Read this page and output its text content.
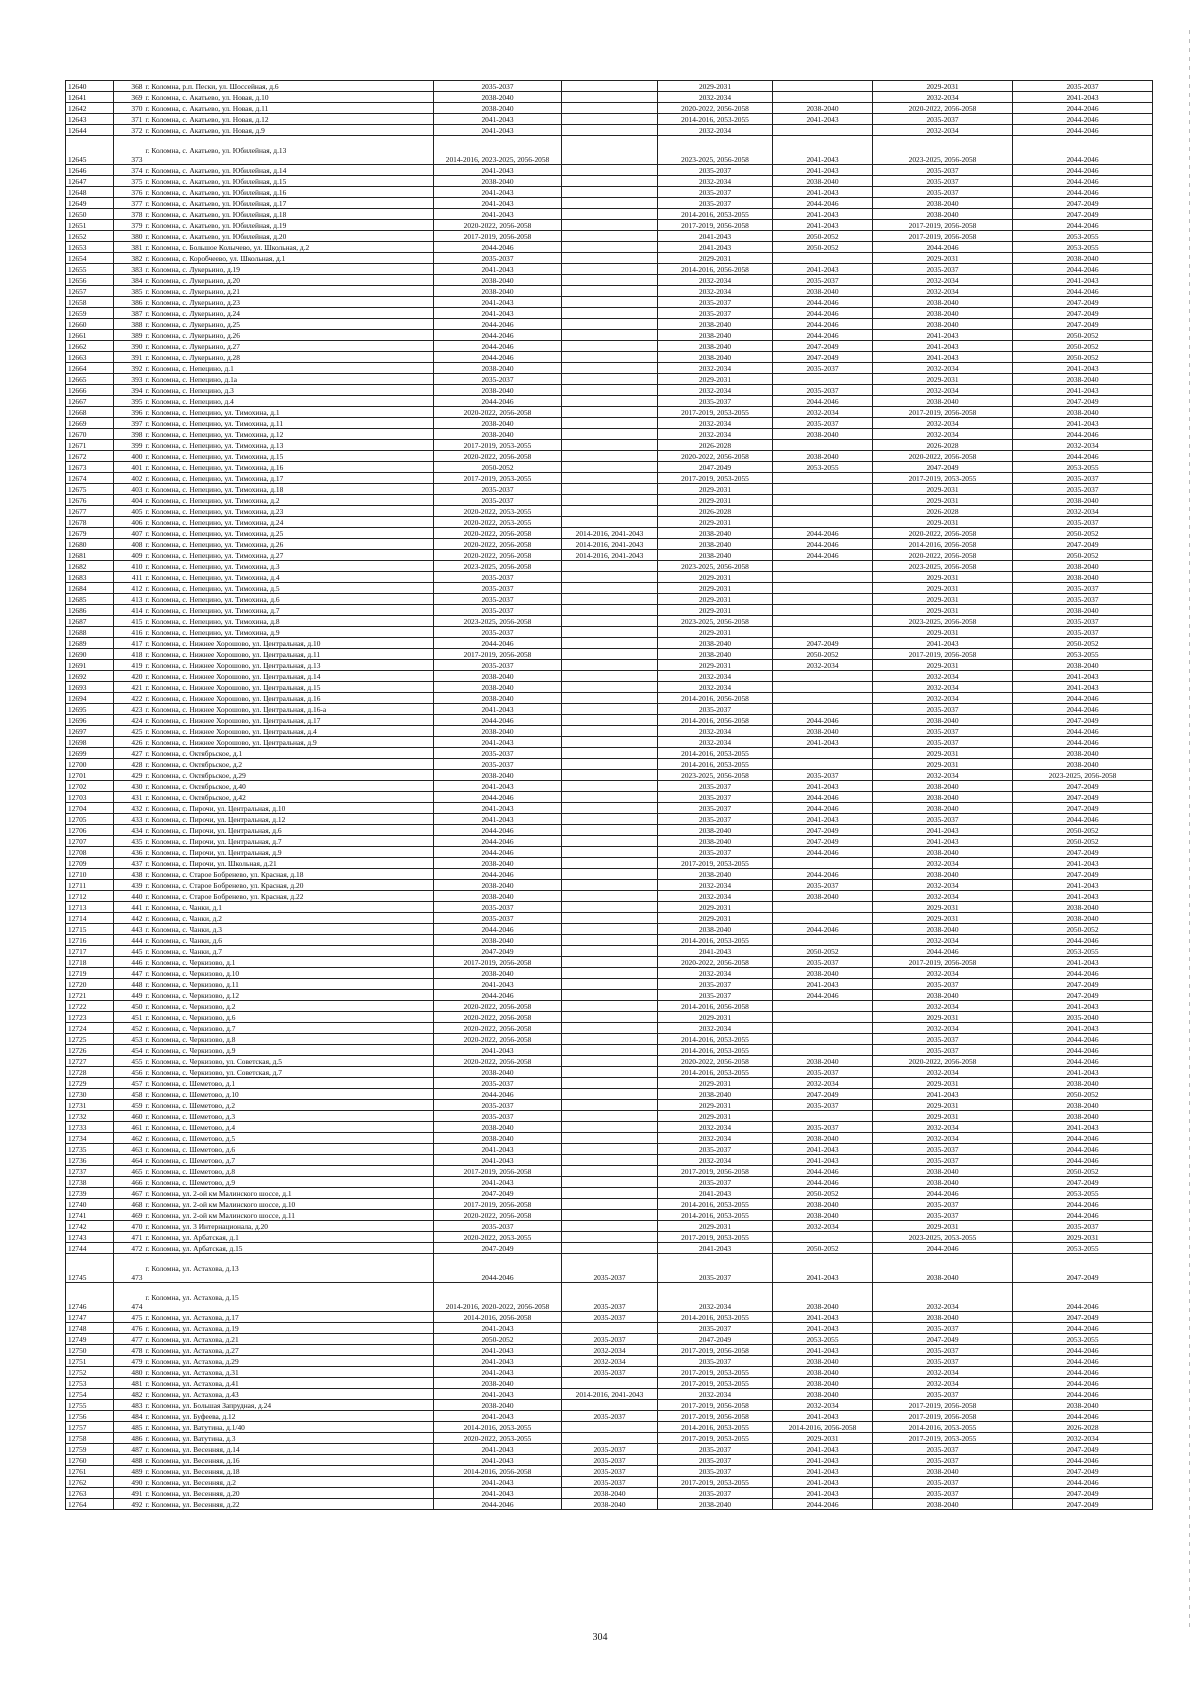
12640	368	г. Коломна, р.п. Пески, ул. Шоссейная, д.6	2035-2037		2029-2031		2029-2031	2035-2037
12641	369	г. Коломна, с. Акатьево, ул. Новая, д.10	2038-2040		2032-2034		2032-2034	2041-2043
12642	370	г. Коломна, с. Акатьево, ул. Новая, д.11	2038-2040		2020-2022, 2056-2058	2038-2040	2020-2022, 2056-2058	2044-2046
12643	371	г. Коломна, с. Акатьево, ул. Новая, д.12	2041-2043		2014-2016, 2053-2055	2041-2043	2035-2037	2044-2046
12644	372	г. Коломна, с. Акатьево, ул. Новая, д.9	2041-2043		2032-2034		2032-2034	2044-2046
12645	373	г. Коломна, с. Акатьево, ул. Юбилейная, д.13	2014-2016, 2023-2025, 2056-2058		2023-2025, 2056-2058	2041-2043	2023-2025, 2056-2058	2044-2046
12646	374	г. Коломна, с. Акатьево, ул. Юбилейная, д.14	2041-2043		2035-2037	2041-2043	2035-2037	2044-2046
12647	375	г. Коломна, с. Акатьево, ул. Юбилейная, д.15	2038-2040		2032-2034	2038-2040	2035-2037	2044-2046
12648	376	г. Коломна, с. Акатьево, ул. Юбилейная, д.16	2041-2043		2035-2037	2041-2043	2035-2037	2044-2046
12649	377	г. Коломна, с. Акатьево, ул. Юбилейная, д.17	2041-2043		2035-2037	2044-2046	2038-2040	2047-2049
12650	378	г. Коломна, с. Акатьево, ул. Юбилейная, д.18	2041-2043		2014-2016, 2053-2055	2041-2043	2038-2040	2047-2049
12651	379	г. Коломна, с. Акатьево, ул. Юбилейная, д.19	2020-2022, 2056-2058		2017-2019, 2056-2058	2041-2043	2017-2019, 2056-2058	2044-2046
12652	380	г. Коломна, с. Акатьево, ул. Юбилейная, д.20	2017-2019, 2056-2058		2041-2043	2050-2052	2017-2019, 2056-2058	2053-2055
12653	381	г. Коломна, с. Большое Колычево, ул. Школьная, д.2	2044-2046		2041-2043	2050-2052	2044-2046	2053-2055
12654	382	г. Коломна, с. Коробчеево, ул. Школьная, д.1	2035-2037		2029-2031		2029-2031	2038-2040
12655	383	г. Коломна, с. Лукерьино, д.19	2041-2043		2014-2016, 2056-2058	2041-2043	2035-2037	2044-2046
12656	384	г. Коломна, с. Лукерьино, д.20	2038-2040		2032-2034	2035-2037	2032-2034	2041-2043
12657	385	г. Коломна, с. Лукерьино, д.21	2038-2040		2032-2034	2038-2040	2032-2034	2044-2046
12658	386	г. Коломна, с. Лукерьино, д.23	2041-2043		2035-2037	2044-2046	2038-2040	2047-2049
12659	387	г. Коломна, с. Лукерьино, д.24	2041-2043		2035-2037	2044-2046	2038-2040	2047-2049
12660	388	г. Коломна, с. Лукерьино, д.25	2044-2046		2038-2040	2044-2046	2038-2040	2047-2049
12661	389	г. Коломна, с. Лукерьино, д.26	2044-2046		2038-2040	2044-2046	2041-2043	2050-2052
12662	390	г. Коломна, с. Лукерьино, д.27	2044-2046		2038-2040	2047-2049	2041-2043	2050-2052
12663	391	г. Коломна, с. Лукерьино, д.28	2044-2046		2038-2040	2047-2049	2041-2043	2050-2052
12664	392	г. Коломна, с. Непецино, д.1	2038-2040		2032-2034	2035-2037	2032-2034	2041-2043
12665	393	г. Коломна, с. Непецино, д.1а	2035-2037		2029-2031		2029-2031	2038-2040
12666	394	г. Коломна, с. Непецино, д.3	2038-2040		2032-2034	2035-2037	2032-2034	2041-2043
12667	395	г. Коломна, с. Непецино, д.4	2044-2046		2035-2037	2044-2046	2038-2040	2047-2049
12668	396	г. Коломна, с. Непецино, ул. Тимохина, д.1	2020-2022, 2056-2058		2017-2019, 2053-2055	2032-2034	2017-2019, 2056-2058	2038-2040
12669	397	г. Коломна, с. Непецино, ул. Тимохина, д.11	2038-2040		2032-2034	2035-2037	2032-2034	2041-2043
12670	398	г. Коломна, с. Непецино, ул. Тимохина, д.12	2038-2040		2032-2034	2038-2040	2032-2034	2044-2046
12671	399	г. Коломна, с. Непецино, ул. Тимохина, д.13	2017-2019, 2053-2055		2026-2028		2026-2028	2032-2034
12672	400	г. Коломна, с. Непецино, ул. Тимохина, д.15	2020-2022, 2056-2058		2020-2022, 2056-2058	2038-2040	2020-2022, 2056-2058	2044-2046
12673	401	г. Коломна, с. Непецино, ул. Тимохина, д.16	2050-2052		2047-2049	2053-2055	2047-2049	2053-2055
12674	402	г. Коломна, с. Непецино, ул. Тимохина, д.17	2017-2019, 2053-2055		2017-2019, 2053-2055		2017-2019, 2053-2055	2035-2037
12675	403	г. Коломна, с. Непецино, ул. Тимохина, д.18	2035-2037		2029-2031		2029-2031	2035-2037
12676	404	г. Коломна, с. Непецино, ул. Тимохина, д.2	2035-2037		2029-2031		2029-2031	2038-2040
12677	405	г. Коломна, с. Непецино, ул. Тимохина, д.23	2020-2022, 2053-2055		2026-2028		2026-2028	2032-2034
12678	406	г. Коломна, с. Непецино, ул. Тимохина, д.24	2020-2022, 2053-2055		2029-2031		2029-2031	2035-2037
12679	407	г. Коломна, с. Непецино, ул. Тимохина, д.25	2020-2022, 2056-2058	2014-2016, 2041-2043	2038-2040	2044-2046	2020-2022, 2056-2058	2050-2052
12680	408	г. Коломна, с. Непецино, ул. Тимохина, д.26	2020-2022, 2056-2058	2014-2016, 2041-2043	2038-2040	2044-2046	2014-2016, 2056-2058	2047-2049
12681	409	г. Коломна, с. Непецино, ул. Тимохина, д.27	2020-2022, 2056-2058	2014-2016, 2041-2043	2038-2040	2044-2046	2020-2022, 2056-2058	2050-2052
12682	410	г. Коломна, с. Непецино, ул. Тимохина, д.3	2023-2025, 2056-2058		2023-2025, 2056-2058		2023-2025, 2056-2058	2038-2040
12683	411	г. Коломна, с. Непецино, ул. Тимохина, д.4	2035-2037		2029-2031		2029-2031	2038-2040
12684	412	г. Коломна, с. Непецино, ул. Тимохина, д.5	2035-2037		2029-2031		2029-2031	2035-2037
12685	413	г. Коломна, с. Непецино, ул. Тимохина, д.6	2035-2037		2029-2031		2029-2031	2035-2037
12686	414	г. Коломна, с. Непецино, ул. Тимохина, д.7	2035-2037		2029-2031		2029-2031	2038-2040
12687	415	г. Коломна, с. Непецино, ул. Тимохина, д.8	2023-2025, 2056-2058		2023-2025, 2056-2058		2023-2025, 2056-2058	2035-2037
12688	416	г. Коломна, с. Непецино, ул. Тимохина, д.9	2035-2037		2029-2031		2029-2031	2035-2037
12689	417	г. Коломна, с. Нижнее Хорошово, ул. Центральная, д.10	2044-2046		2038-2040	2047-2049	2041-2043	2050-2052
12690	418	г. Коломна, с. Нижнее Хорошово, ул. Центральная, д.11	2017-2019, 2056-2058		2038-2040	2050-2052	2017-2019, 2056-2058	2053-2055
12691	419	г. Коломна, с. Нижнее Хорошово, ул. Центральная, д.13	2035-2037		2029-2031	2032-2034	2029-2031	2038-2040
12692	420	г. Коломна, с. Нижнее Хорошово, ул. Центральная, д.14	2038-2040		2032-2034		2032-2034	2041-2043
12693	421	г. Коломна, с. Нижнее Хорошово, ул. Центральная, д.15	2038-2040		2032-2034		2032-2034	2041-2043
12694	422	г. Коломна, с. Нижнее Хорошово, ул. Центральная, д.16	2038-2040		2014-2016, 2056-2058		2032-2034	2044-2046
12695	423	г. Коломна, с. Нижнее Хорошово, ул. Центральная, д.16-а	2041-2043		2035-2037		2035-2037	2044-2046
12696	424	г. Коломна, с. Нижнее Хорошово, ул. Центральная, д.17	2044-2046		2014-2016, 2056-2058	2044-2046	2038-2040	2047-2049
12697	425	г. Коломна, с. Нижнее Хорошово, ул. Центральная, д.4	2038-2040		2032-2034	2038-2040	2035-2037	2044-2046
12698	426	г. Коломна, с. Нижнее Хорошово, ул. Центральная, д.9	2041-2043		2032-2034	2041-2043	2035-2037	2044-2046
12699	427	г. Коломна, с. Октябрьское, д.1	2035-2037		2014-2016, 2053-2055		2029-2031	2038-2040
12700	428	г. Коломна, с. Октябрьское, д.2	2035-2037		2014-2016, 2053-2055		2029-2031	2038-2040
12701	429	г. Коломна, с. Октябрьское, д.29	2038-2040		2023-2025, 2056-2058	2035-2037	2032-2034	2023-2025, 2056-2058
12702	430	г. Коломна, с. Октябрьское, д.40	2041-2043		2035-2037	2041-2043	2038-2040	2047-2049
12703	431	г. Коломна, с. Октябрьское, д.42	2044-2046		2035-2037	2044-2046	2038-2040	2047-2049
12704	432	г. Коломна, с. Пирочи, ул. Центральная, д.10	2041-2043		2035-2037	2044-2046	2038-2040	2047-2049
12705	433	г. Коломна, с. Пирочи, ул. Центральная, д.12	2041-2043		2035-2037	2041-2043	2035-2037	2044-2046
12706	434	г. Коломна, с. Пирочи, ул. Центральная, д.6	2044-2046		2038-2040	2047-2049	2041-2043	2050-2052
12707	435	г. Коломна, с. Пирочи, ул. Центральная, д.7	2044-2046		2038-2040	2047-2049	2041-2043	2050-2052
12708	436	г. Коломна, с. Пирочи, ул. Центральная, д.9	2044-2046		2035-2037	2044-2046	2038-2040	2047-2049
12709	437	г. Коломна, с. Пирочи, ул. Школьная, д.21	2038-2040		2017-2019, 2053-2055		2032-2034	2041-2043
12710	438	г. Коломна, с. Старое Бобренево, ул. Красная, д.18	2044-2046		2038-2040	2044-2046	2038-2040	2047-2049
12711	439	г. Коломна, с. Старое Бобренево, ул. Красная, д.20	2038-2040		2032-2034	2035-2037	2032-2034	2041-2043
12712	440	г. Коломна, с. Старое Бобренево, ул. Красная, д.22	2038-2040		2032-2034	2038-2040	2032-2034	2041-2043
12713	441	г. Коломна, с. Чанки, д.1	2035-2037		2029-2031		2029-2031	2038-2040
12714	442	г. Коломна, с. Чанки, д.2	2035-2037		2029-2031		2029-2031	2038-2040
12715	443	г. Коломна, с. Чанки, д.3	2044-2046		2038-2040	2044-2046	2038-2040	2050-2052
12716	444	г. Коломна, с. Чанки, д.6	2038-2040		2014-2016, 2053-2055		2032-2034	2044-2046
12717	445	г. Коломна, с. Чанки, д.7	2047-2049		2041-2043	2050-2052	2044-2046	2053-2055
12718	446	г. Коломна, с. Черкизово, д.1	2017-2019, 2056-2058		2020-2022, 2056-2058	2035-2037	2017-2019, 2056-2058	2041-2043
12719	447	г. Коломна, с. Черкизово, д.10	2038-2040		2032-2034	2038-2040	2032-2034	2044-2046
12720	448	г. Коломна, с. Черкизово, д.11	2041-2043		2035-2037	2041-2043	2035-2037	2047-2049
12721	449	г. Коломна, с. Черкизово, д.12	2044-2046		2035-2037	2044-2046	2038-2040	2047-2049
12722	450	г. Коломна, с. Черкизово, д.2	2020-2022, 2056-2058		2014-2016, 2056-2058		2032-2034	2041-2043
12723	451	г. Коломна, с. Черкизово, д.6	2020-2022, 2056-2058		2029-2031		2029-2031	2035-2040
12724	452	г. Коломна, с. Черкизово, д.7	2020-2022, 2056-2058		2032-2034		2032-2034	2041-2043
12725	453	г. Коломна, с. Черкизово, д.8	2020-2022, 2056-2058		2014-2016, 2053-2055		2035-2037	2044-2046
12726	454	г. Коломна, с. Черкизово, д.9	2041-2043		2014-2016, 2053-2055		2035-2037	2044-2046
12727	455	г. Коломна, с. Черкизово, ул. Советская, д.5	2020-2022, 2056-2058		2020-2022, 2056-2058	2038-2040	2020-2022, 2056-2058	2044-2046
12728	456	г. Коломна, с. Черкизово, ул. Советская, д.7	2038-2040		2014-2016, 2053-2055	2035-2037	2032-2034	2041-2043
12729	457	г. Коломна, с. Шеметово, д.1	2035-2037		2029-2031	2032-2034	2029-2031	2038-2040
12730	458	г. Коломна, с. Шеметово, д.10	2044-2046		2038-2040	2047-2049	2041-2043	2050-2052
12731	459	г. Коломна, с. Шеметово, д.2	2035-2037		2029-2031	2035-2037	2029-2031	2038-2040
12732	460	г. Коломна, с. Шеметово, д.3	2035-2037		2029-2031		2029-2031	2038-2040
12733	461	г. Коломна, с. Шеметово, д.4	2038-2040		2032-2034	2035-2037	2032-2034	2041-2043
12734	462	г. Коломна, с. Шеметово, д.5	2038-2040		2032-2034	2038-2040	2032-2034	2044-2046
12735	463	г. Коломна, с. Шеметово, д.6	2041-2043		2035-2037	2041-2043	2035-2037	2044-2046
12736	464	г. Коломна, с. Шеметово, д.7	2041-2043		2032-2034	2041-2043	2035-2037	2044-2046
12737	465	г. Коломна, с. Шеметово, д.8	2017-2019, 2056-2058		2017-2019, 2056-2058	2044-2046	2038-2040	2050-2052
12738	466	г. Коломна, с. Шеметово, д.9	2041-2043		2035-2037	2044-2046	2038-2040	2047-2049
12739	467	г. Коломна, ул. 2-ой км Малинского шоссе, д.1	2047-2049		2041-2043	2050-2052	2044-2046	2053-2055
12740	468	г. Коломна, ул. 2-ой км Малинского шоссе, д.10	2017-2019, 2056-2058		2014-2016, 2053-2055	2038-2040	2035-2037	2044-2046
12741	469	г. Коломна, ул. 2-ой км Малинского шоссе, д.11	2020-2022, 2056-2058		2014-2016, 2053-2055	2038-2040	2035-2037	2044-2046
12742	470	г. Коломна, ул. 3 Интернационала, д.20	2035-2037		2029-2031	2032-2034	2029-2031	2035-2037
12743	471	г. Коломна, ул. Арбатская, д.1	2020-2022, 2053-2055		2017-2019, 2053-2055		2023-2025, 2053-2055	2029-2031
12744	472	г. Коломна, ул. Арбатская, д.15	2047-2049		2041-2043	2050-2052	2044-2046	2053-2055
12745	473	г. Коломна, ул. Астахова, д.13	2044-2046	2035-2037	2035-2037	2041-2043	2038-2040	2047-2049
12746	474	г. Коломна, ул. Астахова, д.15	2014-2016, 2020-2022, 2056-2058	2035-2037	2032-2034	2038-2040	2032-2034	2044-2046
12747	475	г. Коломна, ул. Астахова, д.17	2014-2016, 2056-2058	2035-2037	2014-2016, 2053-2055	2041-2043	2038-2040	2047-2049
12748	476	г. Коломна, ул. Астахова, д.19	2041-2043		2035-2037	2041-2043	2035-2037	2044-2046
12749	477	г. Коломна, ул. Астахова, д.21	2050-2052	2035-2037	2047-2049	2053-2055	2047-2049	2053-2055
12750	478	г. Коломна, ул. Астахова, д.27	2041-2043	2032-2034	2017-2019, 2056-2058	2041-2043	2035-2037	2044-2046
12751	479	г. Коломна, ул. Астахова, д.29	2041-2043	2032-2034	2035-2037	2038-2040	2035-2037	2044-2046
12752	480	г. Коломна, ул. Астахова, д.31	2041-2043	2035-2037	2017-2019, 2053-2055	2038-2040	2032-2034	2044-2046
12753	481	г. Коломна, ул. Астахова, д.41	2038-2040		2017-2019, 2053-2055	2038-2040	2032-2034	2044-2046
12754	482	г. Коломна, ул. Астахова, д.43	2041-2043	2014-2016, 2041-2043	2032-2034	2038-2040	2035-2037	2044-2046
12755	483	г. Коломна, ул. Большая Запрудная, д.24	2038-2040		2017-2019, 2056-2058	2032-2034	2017-2019, 2056-2058	2038-2040
12756	484	г. Коломна, ул. Буфеева, д.12	2041-2043	2035-2037	2017-2019, 2056-2058	2041-2043	2017-2019, 2056-2058	2044-2046
12757	485	г. Коломна, ул. Ватутина, д.1/40	2014-2016, 2053-2055		2014-2016, 2053-2055	2014-2016, 2056-2058	2014-2016, 2053-2055	2026-2028
12758	486	г. Коломна, ул. Ватутина, д.3	2020-2022, 2053-2055		2017-2019, 2053-2055	2029-2031	2017-2019, 2053-2055	2032-2034
12759	487	г. Коломна, ул. Весенняя, д.14	2041-2043	2035-2037	2035-2037	2041-2043	2035-2037	2047-2049
12760	488	г. Коломна, ул. Весенняя, д.16	2041-2043	2035-2037	2035-2037	2041-2043	2035-2037	2044-2046
12761	489	г. Коломна, ул. Весенняя, д.18	2014-2016, 2056-2058	2035-2037	2035-2037	2041-2043	2038-2040	2047-2049
12762	490	г. Коломна, ул. Весенняя, д.2	2041-2043	2035-2037	2017-2019, 2053-2055	2041-2043	2035-2037	2044-2046
12763	491	г. Коломна, ул. Весенняя, д.20	2041-2043	2038-2040	2035-2037	2041-2043	2035-2037	2047-2049
12764	492	г. Коломна, ул. Весенняя, д.22	2044-2046	2038-2040	2038-2040	2044-2046	2038-2040	2047-2049
304
